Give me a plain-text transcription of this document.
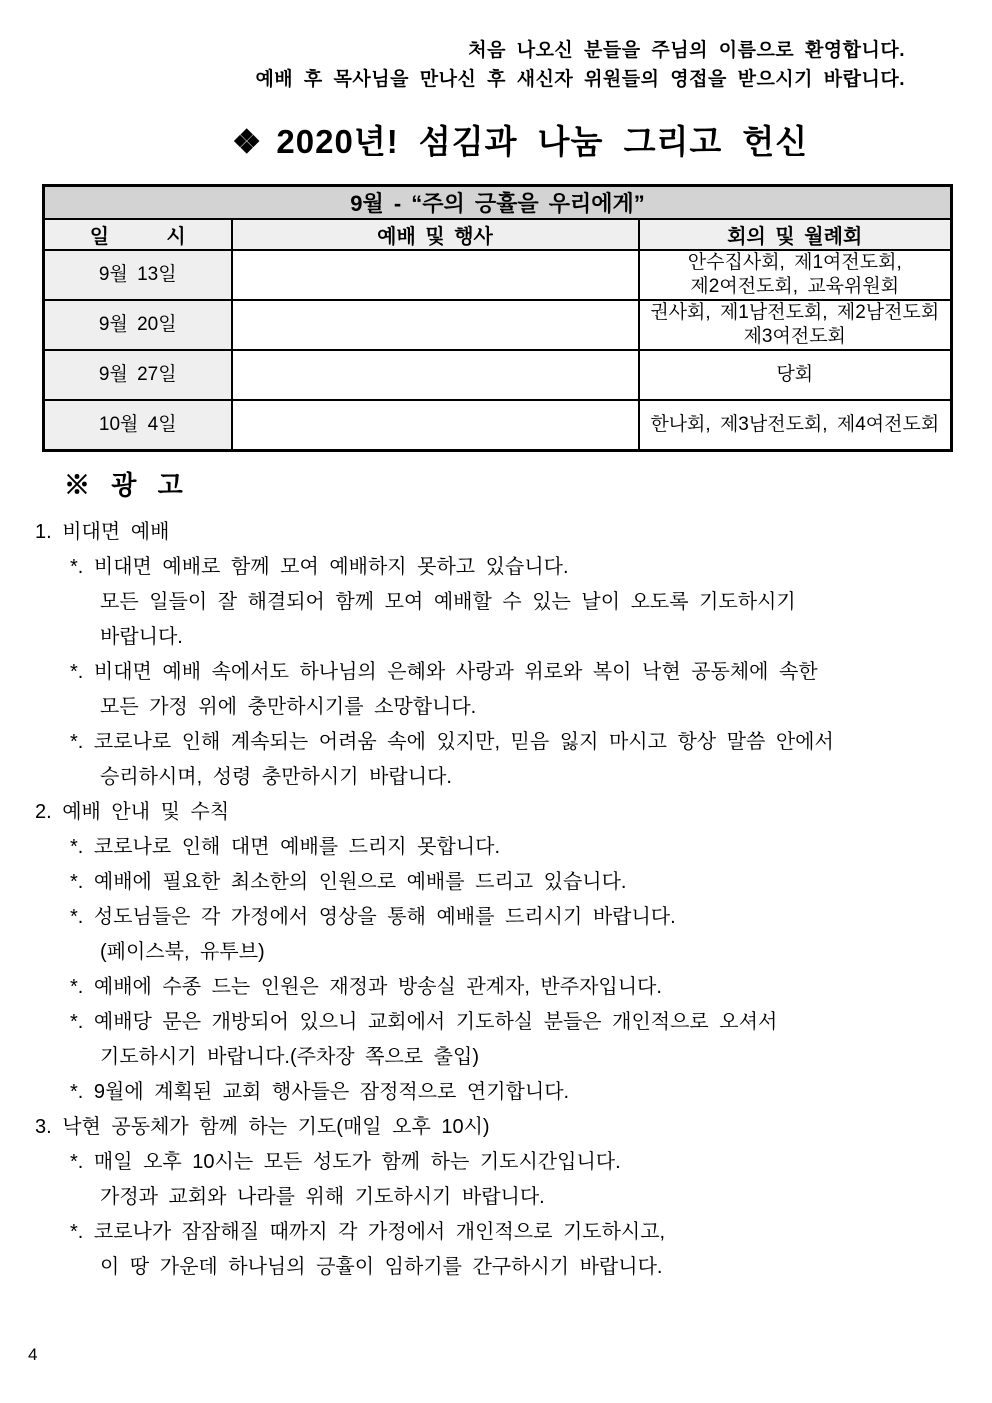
처음 나오신 분들을 주님의 이름으로 환영합니다.
예배 후 목사님을 만나신 후 새신자 위원들의 영접을 받으시기 바랍니다.
❖ 2020년! 섬김과 나눔 그리고 헌신
9월 - “주의 긍휼을 우리에게”		
일      시	예배 및 행사	회의 및 월례회
9월 13일		안수집사회, 제1여전도회,
제2여전도회, 교육위원회

9월 20일		권사회, 제1남전도회, 제2남전도회
제3여전도회

9월 27일		당회

10월 4일		한나회, 제3남전도회, 제4여전도회
※ 광 고
1. 비대면 예배
*. 비대면 예배로 함께 모여 예배하지 못하고 있습니다.
모든 일들이 잘 해결되어 함께 모여 예배할 수 있는 날이 오도록 기도하시기
바랍니다.
*. 비대면 예배 속에서도 하나님의 은혜와 사랑과 위로와 복이 낙현 공동체에 속한
모든 가정 위에 충만하시기를 소망합니다.
*. 코로나로 인해 계속되는 어려움 속에 있지만, 믿음 잃지 마시고 항상 말씀 안에서
승리하시며, 성령 충만하시기 바랍니다.
2. 예배 안내 및 수칙
*. 코로나로 인해 대면 예배를 드리지 못합니다.
*. 예배에 필요한 최소한의 인원으로 예배를 드리고 있습니다.
*. 성도님들은 각 가정에서 영상을 통해 예배를 드리시기 바랍니다.
(페이스북, 유투브)
*. 예배에 수종 드는 인원은 재정과 방송실 관계자, 반주자입니다.
*. 예배당 문은 개방되어 있으니 교회에서 기도하실 분들은 개인적으로 오셔서
기도하시기 바랍니다.(주차장 쪽으로 출입)
*. 9월에 계획된 교회 행사들은 잠정적으로 연기합니다.
3. 낙현 공동체가 함께 하는 기도(매일 오후 10시)
*. 매일 오후 10시는 모든 성도가 함께 하는 기도시간입니다.
가정과 교회와 나라를 위해 기도하시기 바랍니다.
*. 코로나가 잠잠해질 때까지 각 가정에서 개인적으로 기도하시고,
이 땅 가운데 하나님의 긍휼이 임하기를 간구하시기 바랍니다.
4
